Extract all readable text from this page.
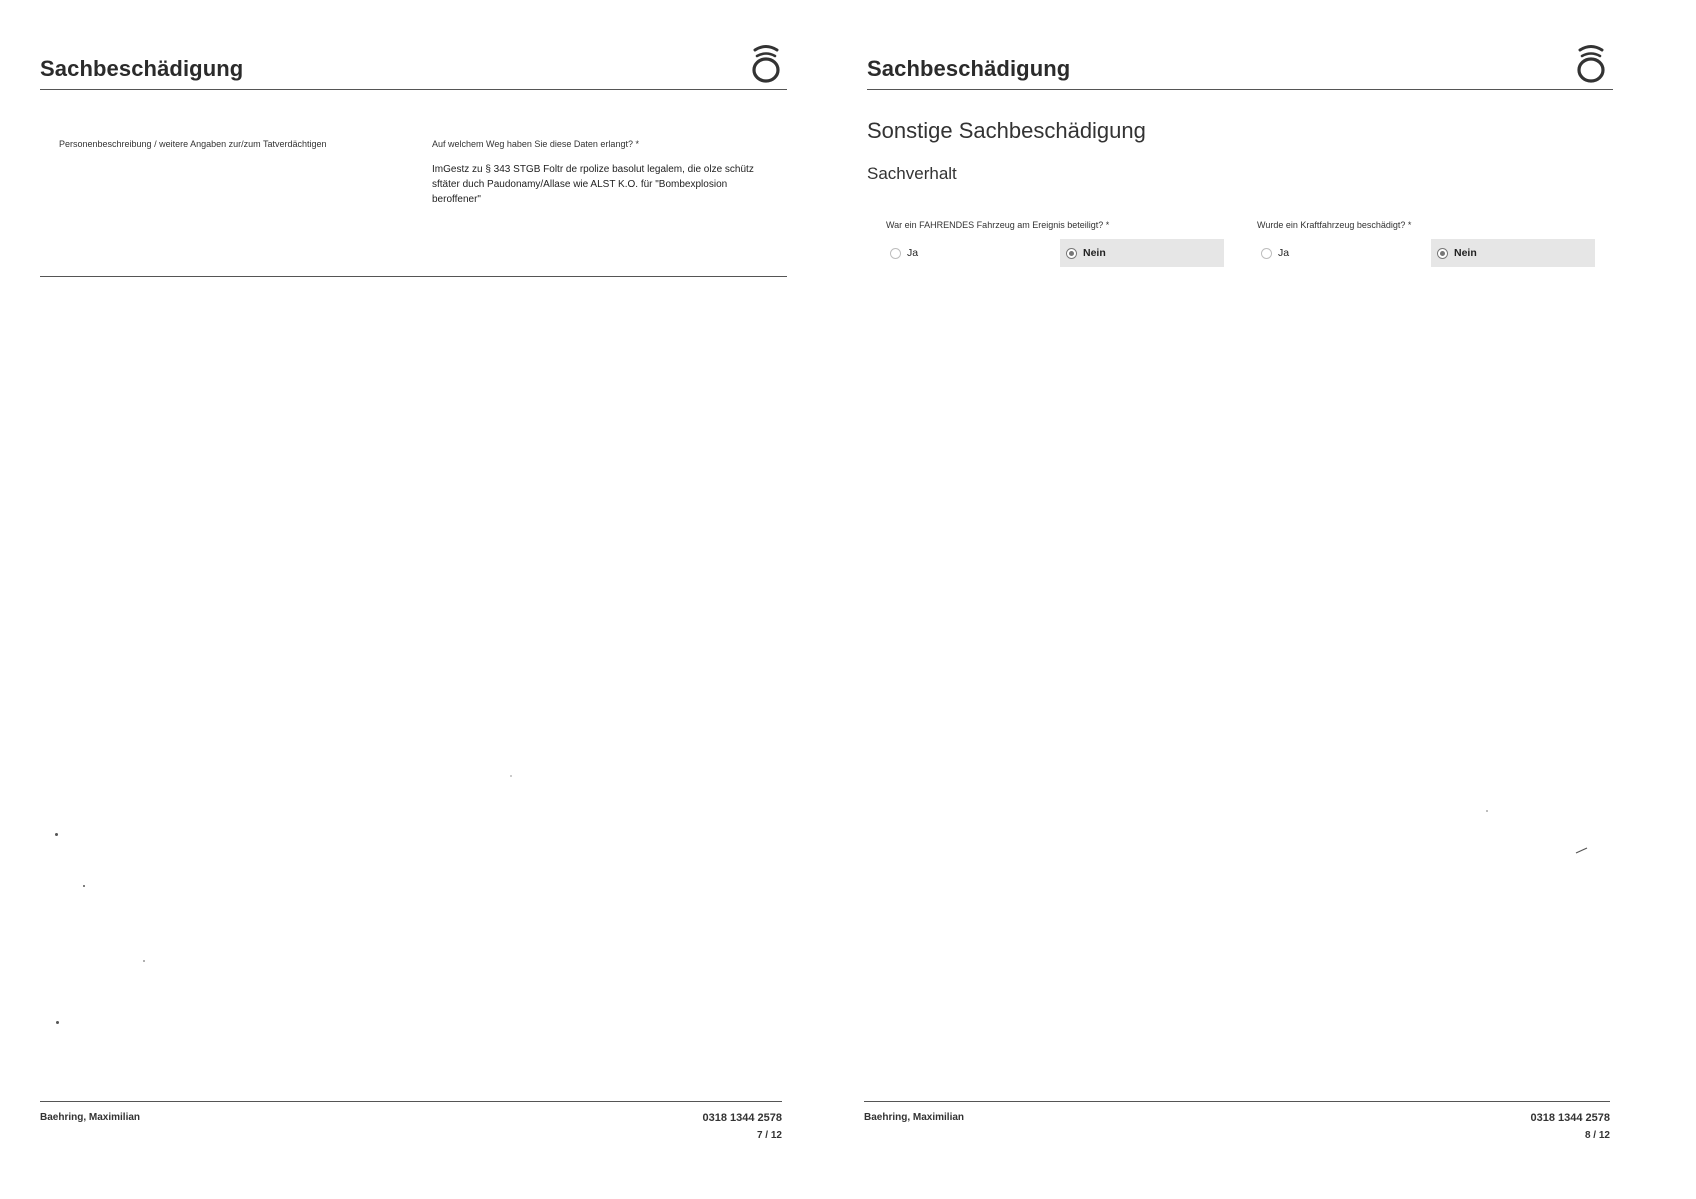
Sachbeschädigung
Personenbeschreibung / weitere Angaben zur/zum Tatverdächtigen	Auf welchem Weg haben Sie diese Daten erlangt? *
ImGestz zu § 343 STGB Foltr de rpolize basolut legalem, die olze schütz sftäter duch Paudonamy/Allase wie ALST K.O. für "Bombexplosion beroffener"
Baehring, Maximilian	0318 1344 2578
7 / 12
Sachbeschädigung
Sonstige Sachbeschädigung
Sachverhalt
War ein FAHRENDES Fahrzeug am Ereignis beteiligt? *
Ja	Nein
Wurde ein Kraftfahrzeug beschädigt? *
Ja	Nein
Baehring, Maximilian	0318 1344 2578
8 / 12
